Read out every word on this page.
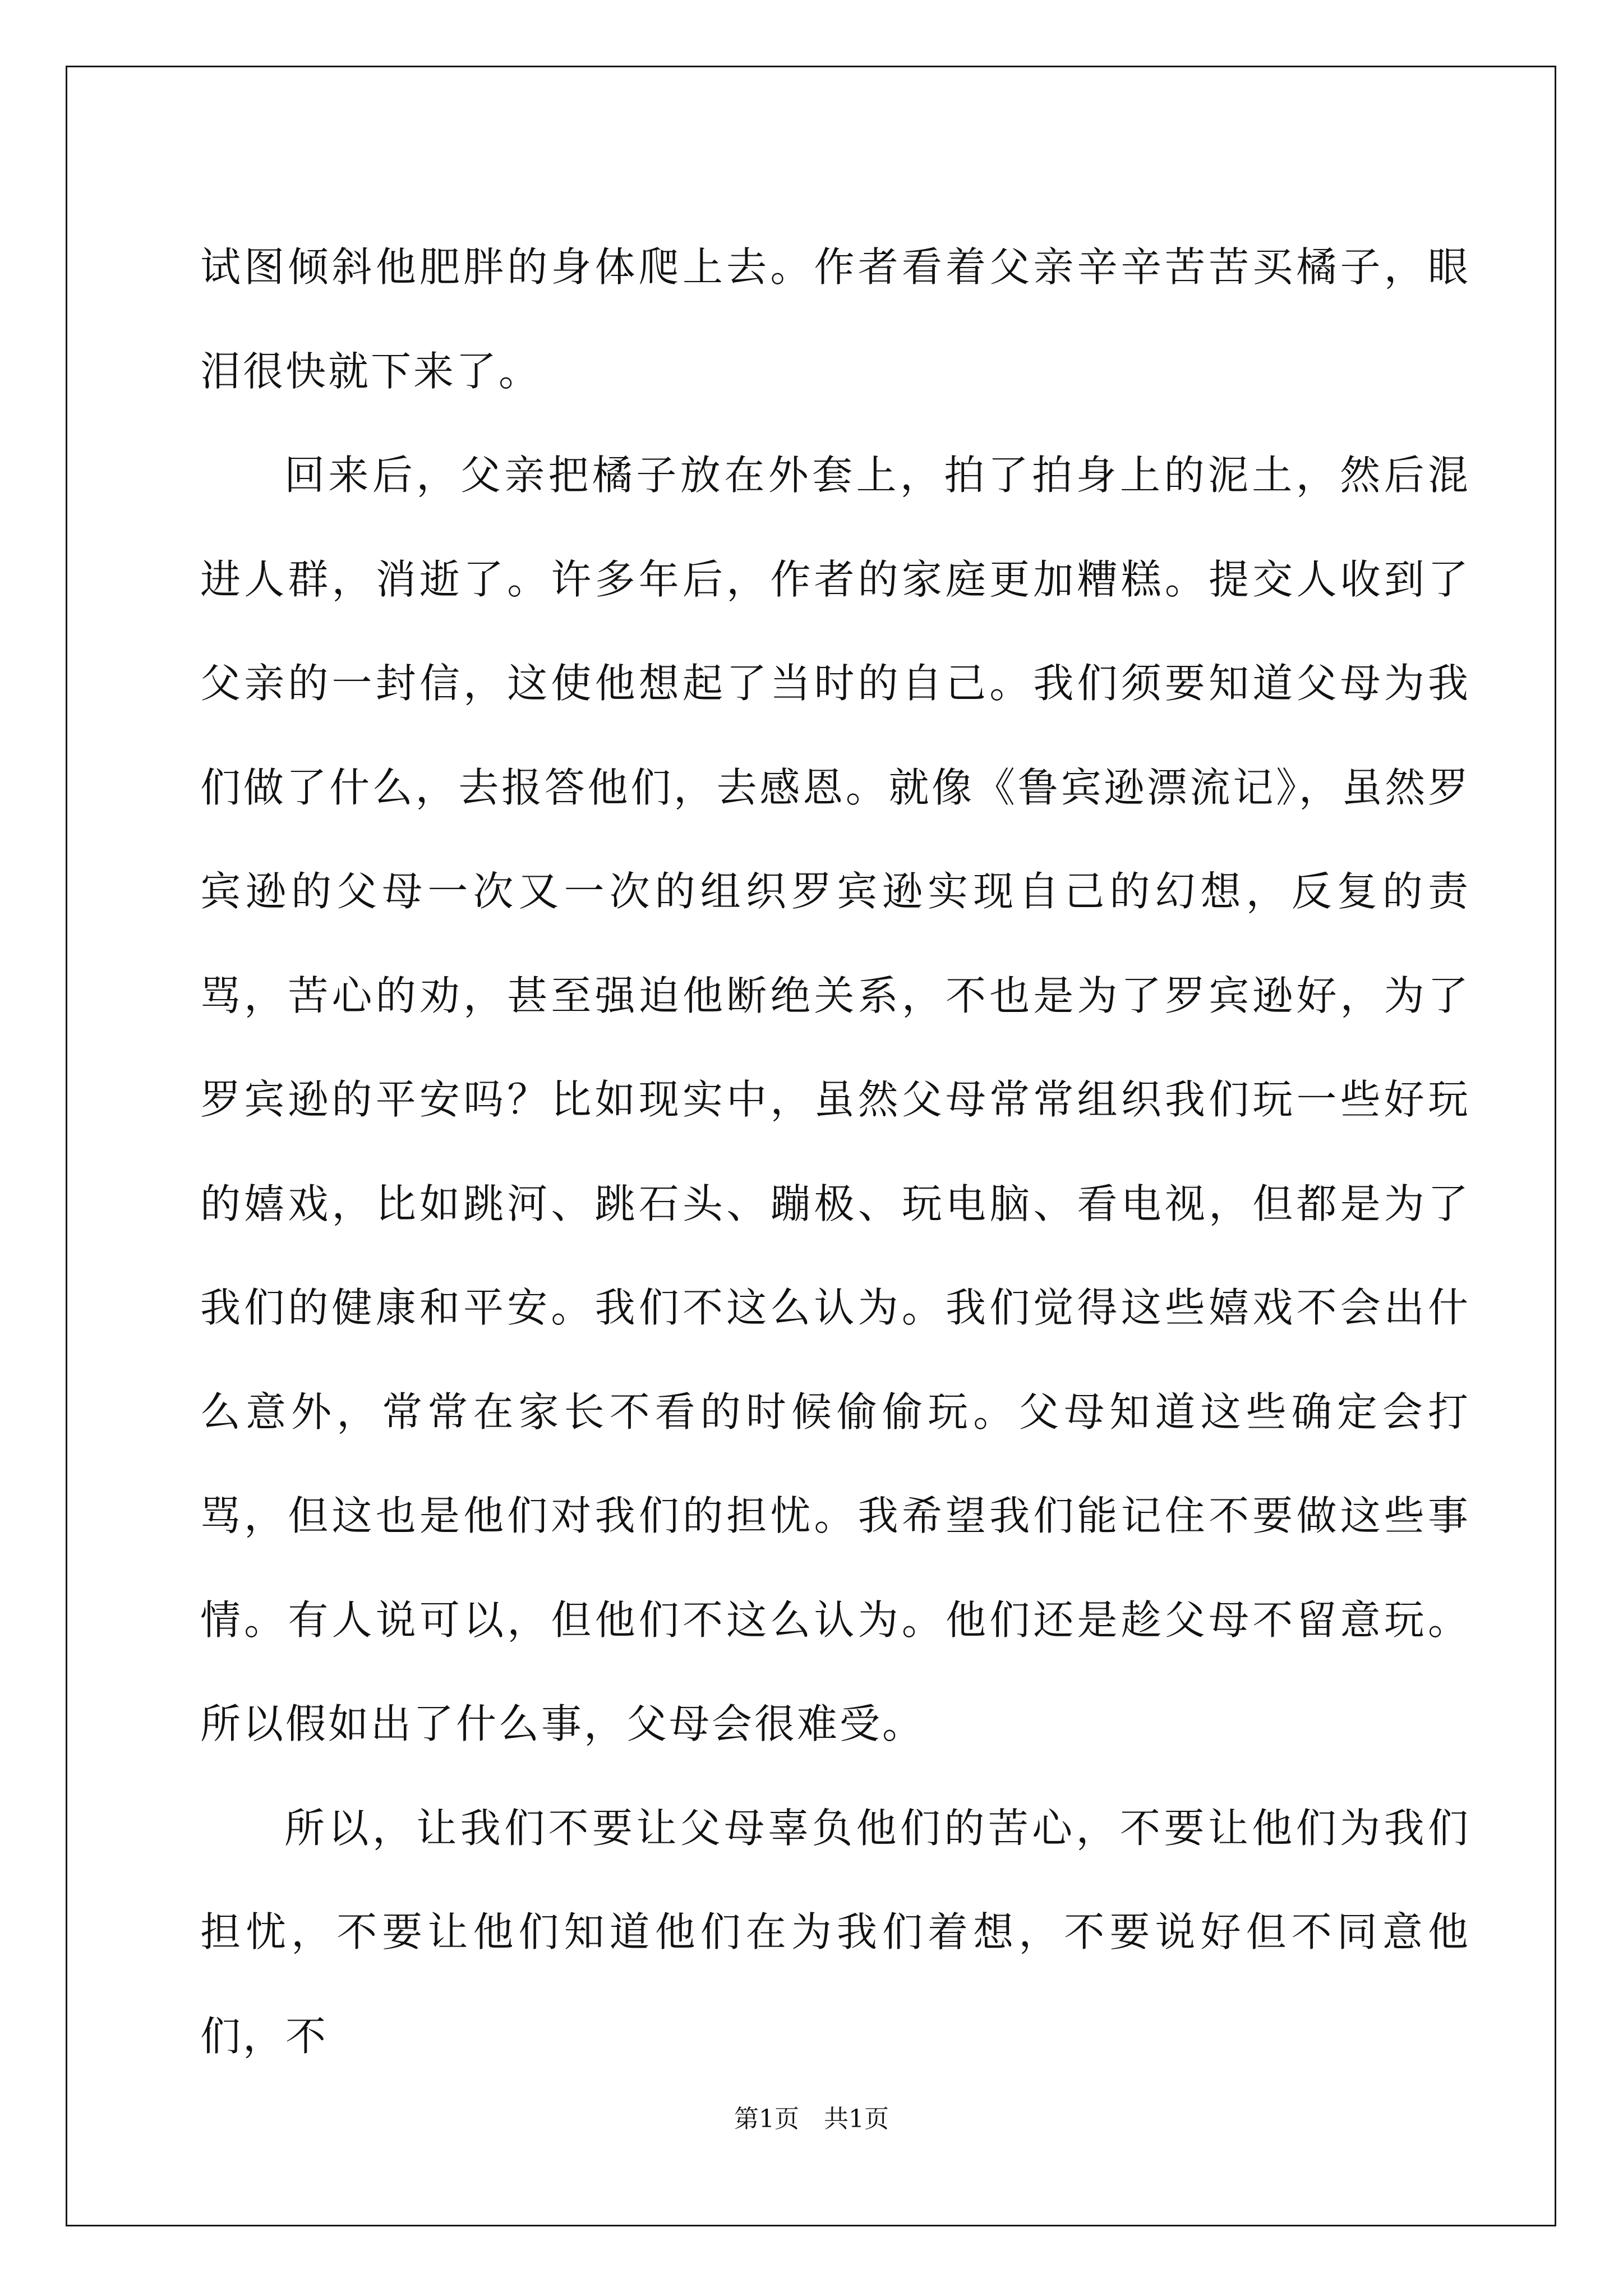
试图倾斜他肥胖的身体爬上去。作者看着父亲辛辛苦苦买橘子，眼泪很快就下来了。

回来后，父亲把橘子放在外套上，拍了拍身上的泥土，然后混进人群，消逝了。许多年后，作者的家庭更加糟糕。提交人收到了父亲的一封信，这使他想起了当时的自己。我们须要知道父母为我们做了什么，去报答他们，去感恩。就像《鲁宾逊漂流记》，虽然罗宾逊的父母一次又一次的组织罗宾逊实现自己的幻想，反复的责骂，苦心的劝，甚至强迫他断绝关系，不也是为了罗宾逊好，为了罗宾逊的平安吗？比如现实中，虽然父母常常组织我们玩一些好玩的嬉戏，比如跳河、跳石头、蹦极、玩电脑、看电视，但都是为了我们的健康和平安。我们不这么认为。我们觉得这些嬉戏不会出什么意外，常常在家长不看的时候偷偷玩。父母知道这些确定会打骂，但这也是他们对我们的担忧。我希望我们能记住不要做这些事情。有人说可以，但他们不这么认为。他们还是趁父母不留意玩。所以假如出了什么事，父母会很难受。

所以，让我们不要让父母辜负他们的苦心，不要让他们为我们担忧，不要让他们知道他们在为我们着想，不要说好但不同意他们，不

第1页 共1页
